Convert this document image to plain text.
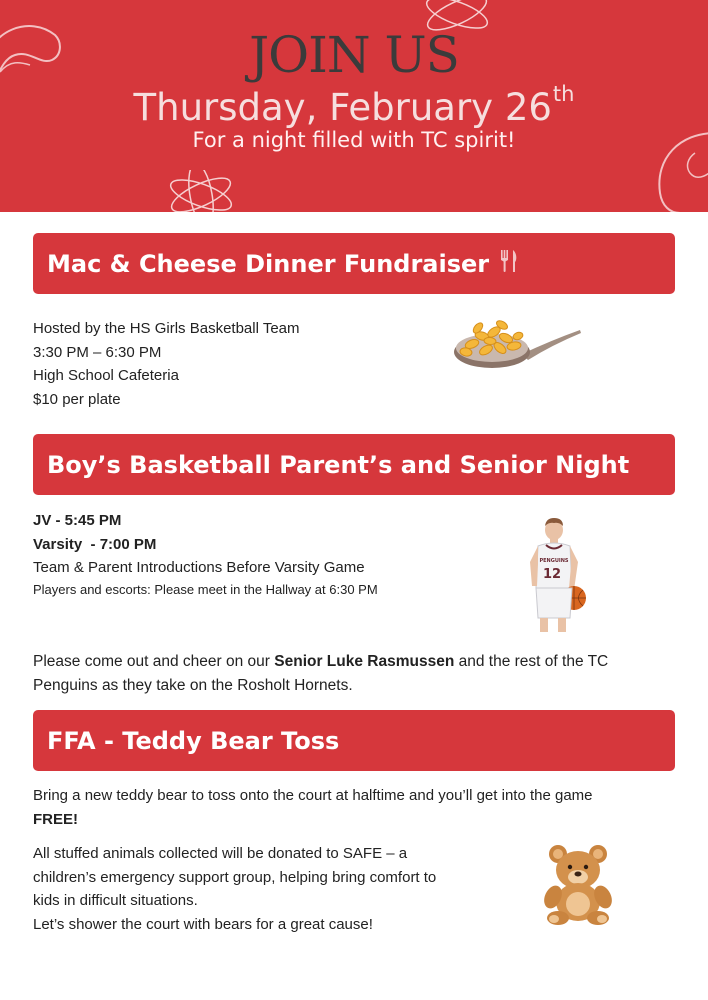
JOIN US
Thursday, February 26th
For a night filled with TC spirit!
Mac & Cheese Dinner Fundraiser
Hosted by the HS Girls Basketball Team
3:30 PM – 6:30 PM
High School Cafeteria
$10 per plate
Boy’s Basketball Parent’s and Senior Night
JV - 5:45 PM
Varsity  - 7:00 PM
Team & Parent Introductions Before Varsity Game
Players and escorts: Please meet in the Hallway at 6:30 PM
PENGUINS
12
Please come out and cheer on our Senior Luke Rasmussen and the rest of the TC
Penguins as they take on the Rosholt Hornets.
FFA - Teddy Bear Toss
Bring a new teddy bear to toss onto the court at halftime and you’ll get into the game
FREE!
All stuffed animals collected will be donated to SAFE – a
children’s emergency support group, helping bring comfort to
kids in difficult situations.
Let’s shower the court with bears for a great cause!
